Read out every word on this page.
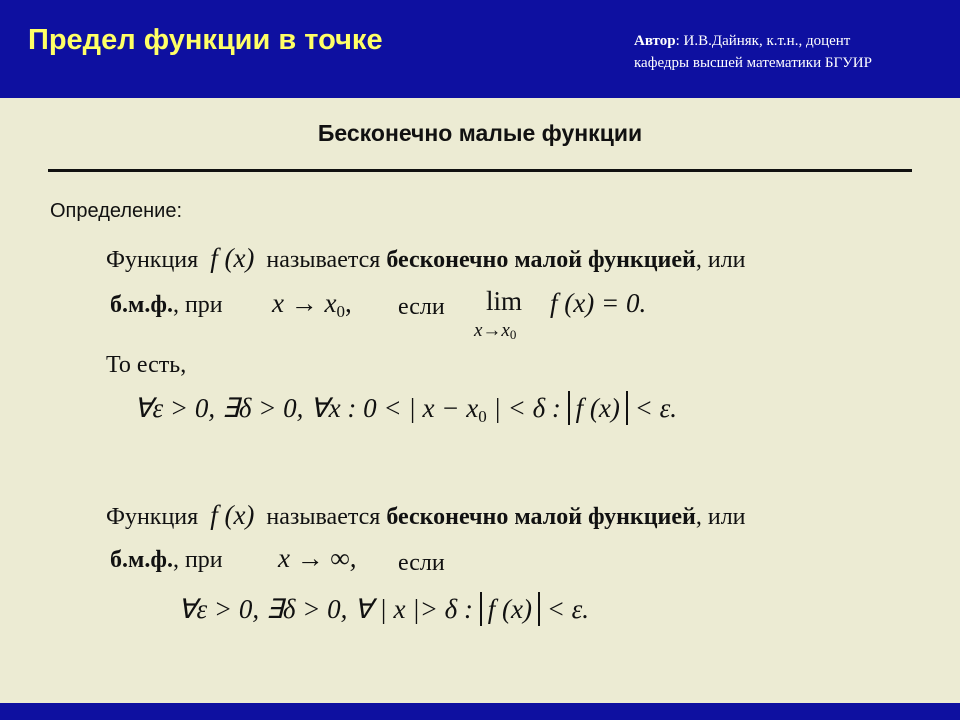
Предел функции в точке	Автор: И.В.Дайняк, к.т.н., доцент
кафедры высшей математики БГУИР
Бесконечно малые функции
Определение:
Функция f (x) называется бесконечно малой функцией, или
б.м.ф., при $x \to x_0$, если lim
$x\to x_0$
f (x) = 0.
То есть,
∀ε > 0, ∃δ > 0, ∀x : 0 < | $x - x_0$ | < δ : f (x) < ε.
Функция f (x) называется бесконечно малой функцией, или
б.м.ф., при x → ∞, если
∀ε > 0, ∃δ > 0, ∀ | x |> δ : f (x) < ε.
